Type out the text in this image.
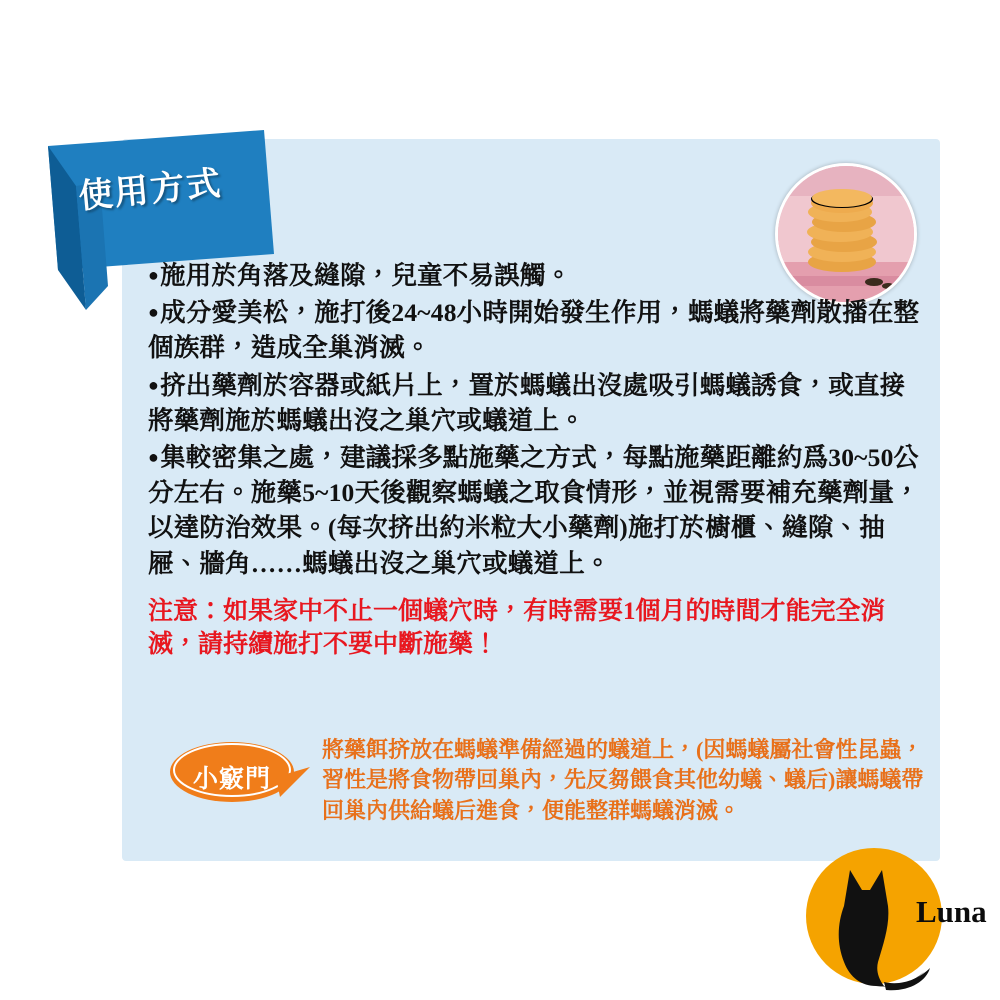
使用方式

●施用於角落及縫隙，兒童不易誤觸。

●成分愛美松，施打後24~48小時開始發生作用，螞蟻將藥劑散播在整個族群，造成全巢消滅。

●挤出藥劑於容器或紙片上，置於螞蟻出沒處吸引螞蟻誘食，或直接將藥劑施於螞蟻出沒之巢穴或蟻道上。

●集較密集之處，建議採多點施藥之方式，每點施藥距離約爲30~50公分左右。施藥5~10天後觀察螞蟻之取食情形，並視需要補充藥劑量，以達防治效果。(每次挤出約米粒大小藥劑)施打於櫥櫃、縫隙、抽屜、牆角……螞蟻出沒之巢穴或蟻道上。

注意：如果家中不止一個蟻穴時，有時需要1個月的時間才能完全消滅，請持續施打不要中斷施藥！
小竅門
將藥餌挤放在螞蟻準備經過的蟻道上，(因螞蟻屬社會性昆蟲，習性是將食物帶回巢內，先反芻餵食其他幼蟻、蟻后)讓螞蟻帶回巢內供給蟻后進食，便能整群螞蟻消滅。
Luna
